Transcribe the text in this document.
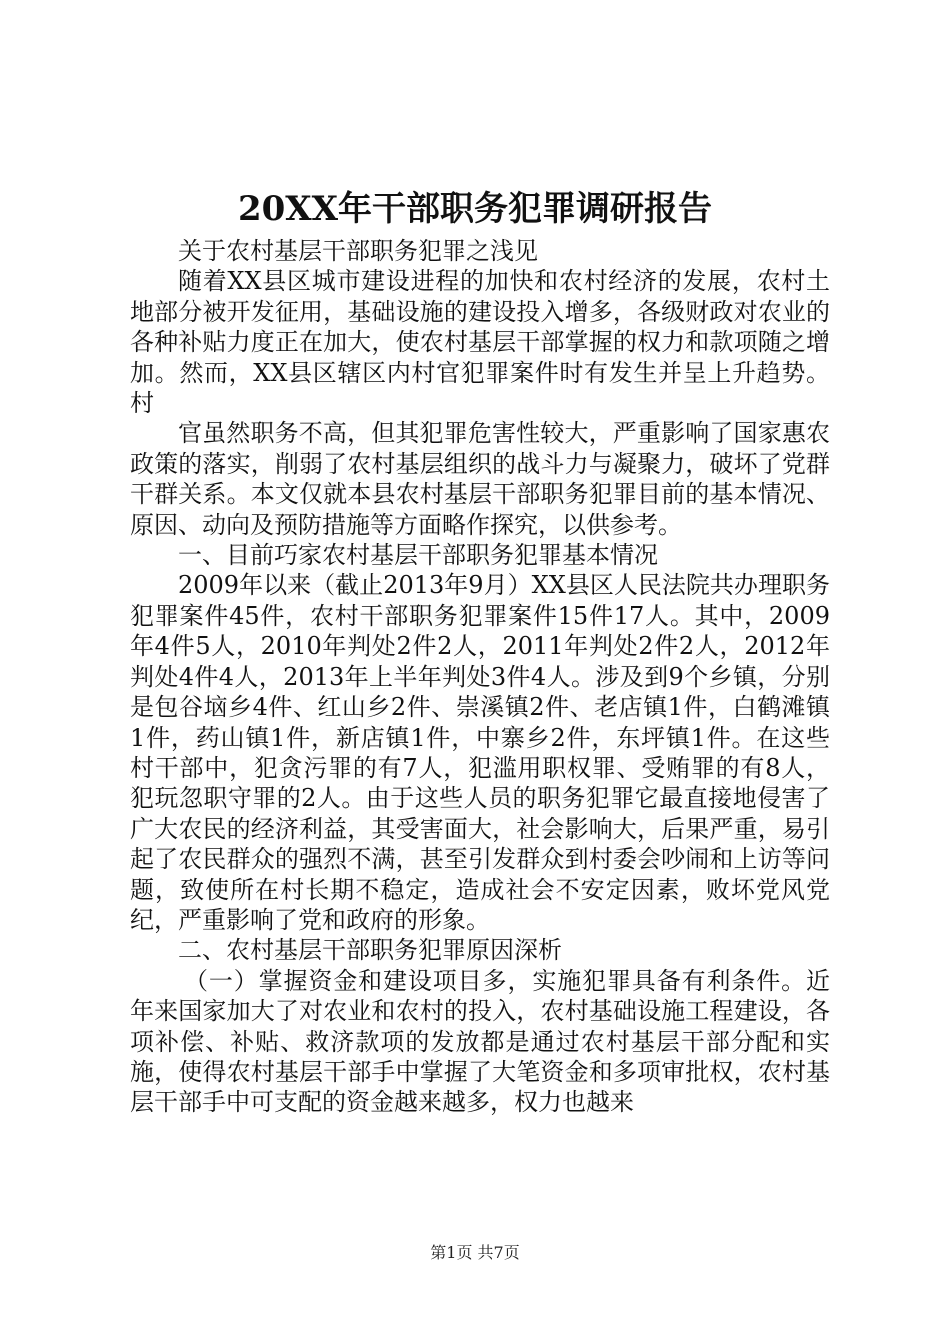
20XX年干部职务犯罪调研报告

关于农村基层干部职务犯罪之浅见

随着XX县区城市建设进程的加快和农村经济的发展，农村土地部分被开发征用，基础设施的建设投入增多，各级财政对农业的各种补贴力度正在加大，使农村基层干部掌握的权力和款项随之增加。然而，XX县区辖区内村官犯罪案件时有发生并呈上升趋势。村

官虽然职务不高，但其犯罪危害性较大，严重影响了国家惠农政策的落实，削弱了农村基层组织的战斗力与凝聚力，破坏了党群干群关系。本文仅就本县农村基层干部职务犯罪目前的基本情况、原因、动向及预防措施等方面略作探究，以供参考。

一、目前巧家农村基层干部职务犯罪基本情况

2009年以来（截止2013年9月）XX县区人民法院共办理职务犯罪案件45件，农村干部职务犯罪案件15件17人。其中，2009年4件5人，2010年判处2件2人，2011年判处2件2人，2012年判处4件4人，2013年上半年判处3件4人。涉及到9个乡镇，分别是包谷垴乡4件、红山乡2件、崇溪镇2件、老店镇1件，白鹤滩镇1件，药山镇1件，新店镇1件，中寨乡2件，东坪镇1件。在这些村干部中，犯贪污罪的有7人，犯滥用职权罪、受贿罪的有8人，犯玩忽职守罪的2人。由于这些人员的职务犯罪它最直接地侵害了广大农民的经济利益，其受害面大，社会影响大，后果严重，易引起了农民群众的强烈不满，甚至引发群众到村委会吵闹和上访等问题，致使所在村长期不稳定，造成社会不安定因素，败坏党风党纪，严重影响了党和政府的形象。

二、农村基层干部职务犯罪原因深析

（一）掌握资金和建设项目多，实施犯罪具备有利条件。近年来国家加大了对农业和农村的投入，农村基础设施工程建设，各项补偿、补贴、救济款项的发放都是通过农村基层干部分配和实施，使得农村基层干部手中掌握了大笔资金和多项审批权，农村基层干部手中可支配的资金越来越多，权力也越来

第1页 共7页
